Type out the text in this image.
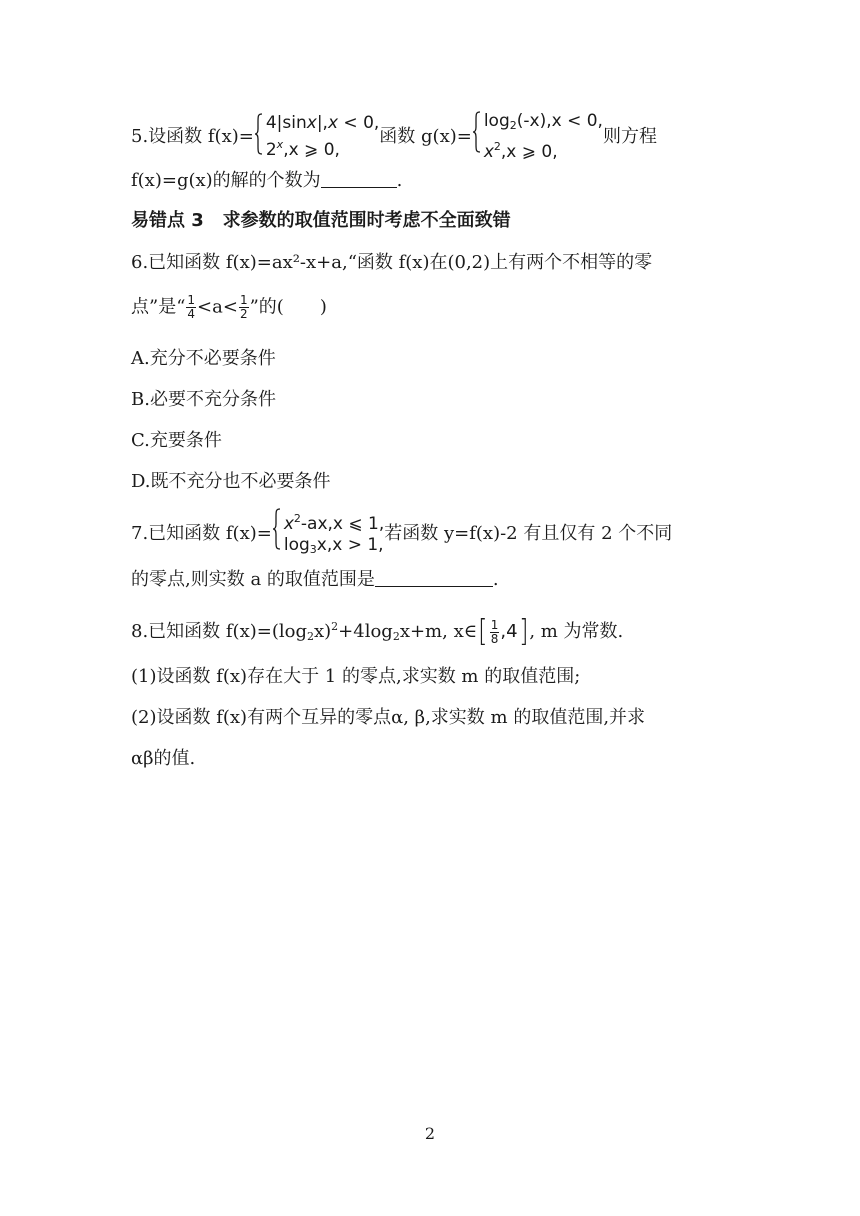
5.设函数 f(x)=
4|sinx|,x < 0,
2$^x$,x ⩾ 0,
函数 g(x)=
$\log_2(-x),x < 0$,
$x^2,x$ ⩾ 0,
则方程
f(x)=g(x)的解的个数为	.
易错点 3 求参数的取值范围时考虑不全面致错
6.已知函数 f(x)=ax²-x+a,“函数 f(x)在(0,2)上有两个不相等的零
点”是“ $\frac{1}{4} <a< \frac{1}{2}$ ”的(　　)
A.充分不必要条件
B.必要不充分条件
C.充要条件
D.既不充分也不必要条件
7.已知函数 $f(x)= x^2-ax,x$ ⩽ 1,
$\log_3x,x > 1$,
若函数 y=f(x)-2 有且仅有 2 个不同
的零点,则实数 a 的取值范围是	.
8.已知函数 $f(x)=(\log_2x)^2+4\log_2x+m$, x∈[ $\frac{1}{8} ,4$], m 为常数.
(1)设函数 f(x)存在大于 1 的零点,求实数 m 的取值范围;
(2)设函数 f(x)有两个互异的零点α, β,求实数 m 的取值范围,并求
αβ的值.
2
